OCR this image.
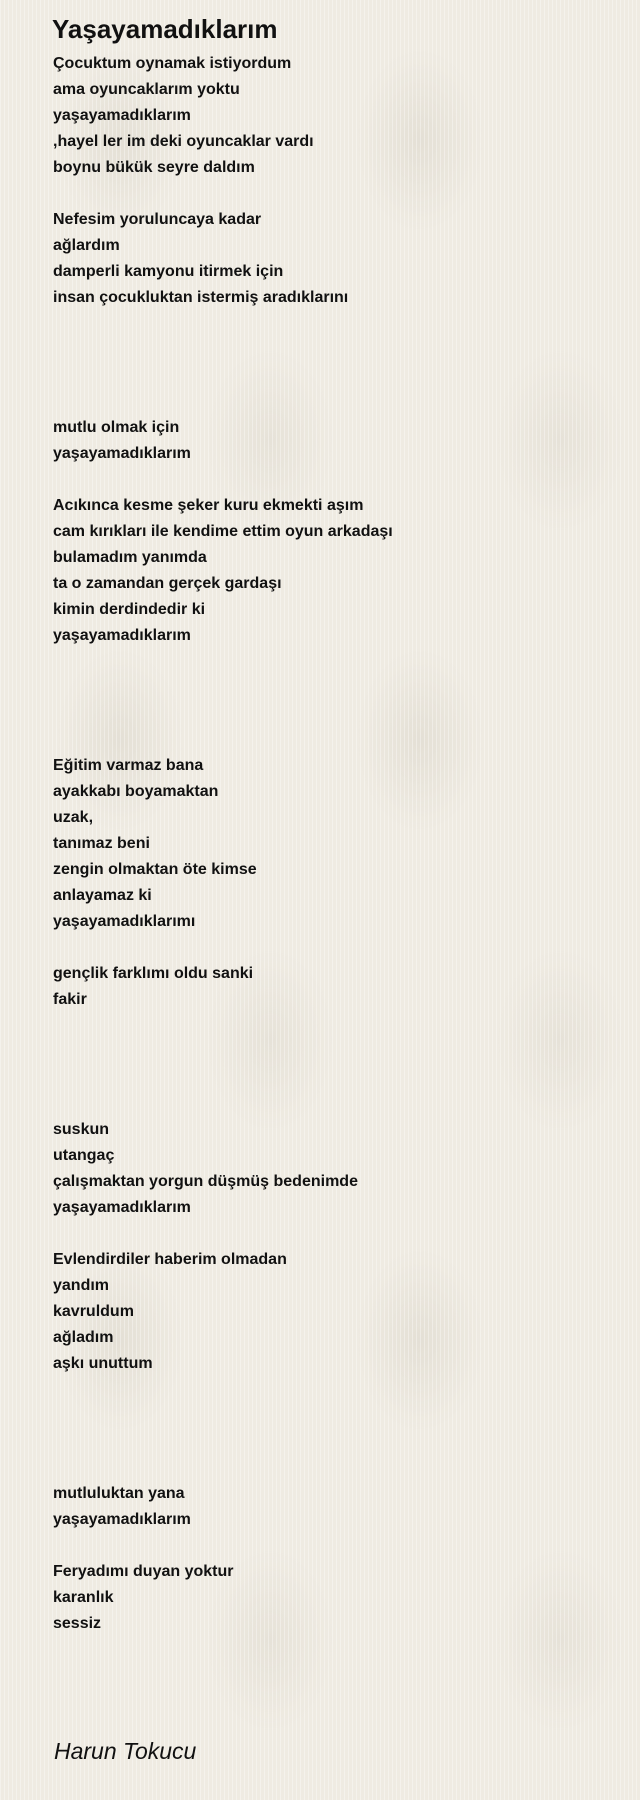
Yaşayamadıklarım
Çocuktum oynamak istiyordum
ama oyuncaklarım yoktu
yaşayamadıklarım
,hayel ler im deki oyuncaklar vardı
boynu bükük seyre daldım
Nefesim yoruluncaya kadar
ağlardım
damperli kamyonu itirmek için
insan çocukluktan istermiş aradıklarını
mutlu olmak için
yaşayamadıklarım
Acıkınca kesme şeker kuru ekmekti aşım
cam kırıkları ile kendime ettim oyun arkadaşı
bulamadım yanımda
ta o zamandan gerçek gardaşı
kimin derdindedir ki
yaşayamadıklarım
Eğitim varmaz bana
ayakkabı boyamaktan
uzak,
tanımaz beni
zengin olmaktan öte kimse
anlayamaz ki
yaşayamadıklarımı
gençlik farklımı oldu sanki
fakir
suskun
utangaç
çalışmaktan yorgun düşmüş bedenimde
yaşayamadıklarım
Evlendirdiler haberim olmadan
yandım
kavruldum
ağladım
aşkı unuttum
mutluluktan yana
yaşayamadıklarım
Feryadımı duyan yoktur
karanlık
sessiz
Harun Tokucu
